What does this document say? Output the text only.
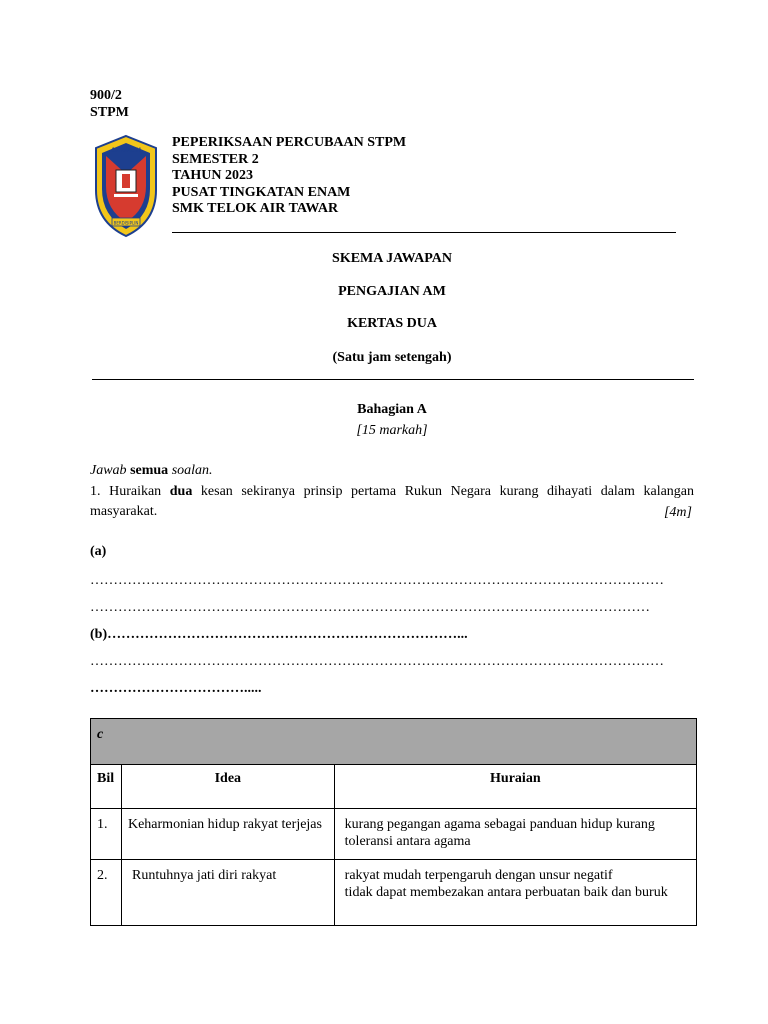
900/2
STPM
AMANAH
BERDISIPLIN
PEPERIKSAAN PERCUBAAN STPM
SEMESTER 2
TAHUN 2023
PUSAT TINGKATAN ENAM
SMK TELOK AIR TAWAR
SKEMA JAWAPAN
PENGAJIAN AM
KERTAS DUA
(Satu jam setengah)
Bahagian A
[15 markah]
Jawab semua soalan.
1. Huraikan dua kesan sekiranya prinsip pertama Rukun Negara kurang dihayati dalam kalangan masyarakat.	[4m]
(a)
……………………………………………………………………………………………………………
…………………………………………………………………………………………………………
(b)…………………………………………………………………...
……………………………………………………………………………………………………………
…………………………….....
c		
Bil	Idea	Huraian
1.	Keharmonian hidup rakyat terjejas	kurang pegangan agama sebagai panduan hidup kurang toleransi antara agama

2.	Runtuhnya jati diri rakyat	rakyat mudah terpengaruh dengan unsur negatif
tidak dapat membezakan antara perbuatan baik dan buruk
